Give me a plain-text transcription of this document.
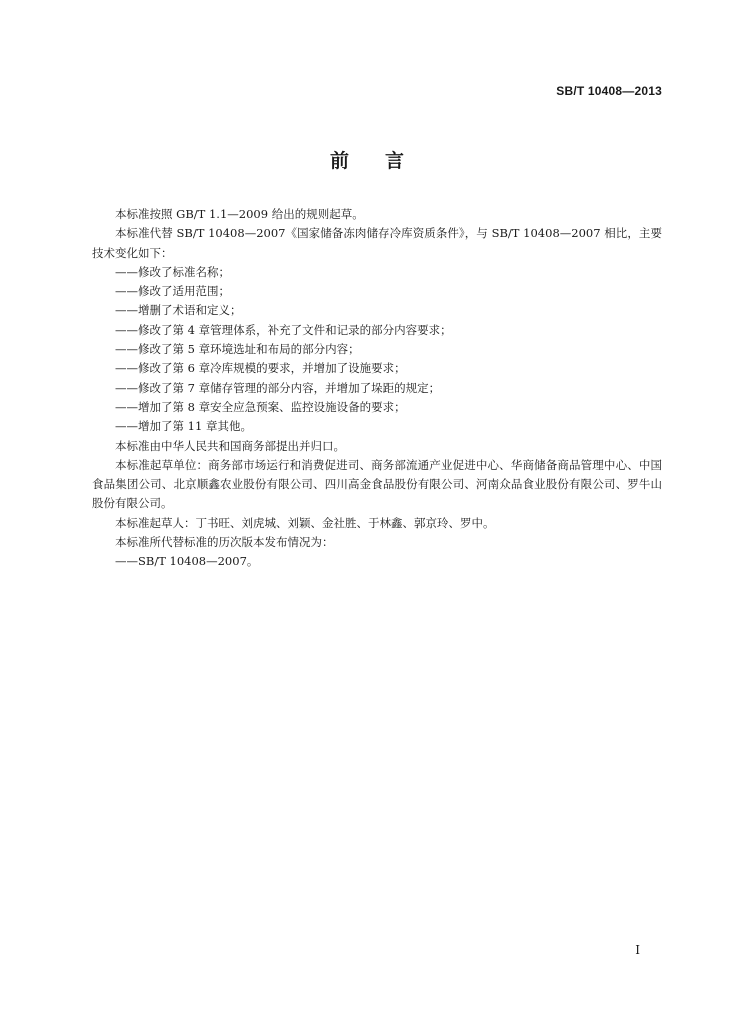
SB/T 10408—2013
前言

本标准按照 GB/T 1.1—2009 给出的规则起草。

本标准代替 SB/T 10408—2007《国家储备冻肉储存冷库资质条件》，与 SB/T 10408—2007 相比，主要技术变化如下：

——修改了标准名称；
——修改了适用范围；
——增删了术语和定义；
——修改了第 4 章管理体系，补充了文件和记录的部分内容要求；
——修改了第 5 章环境选址和布局的部分内容；
——修改了第 6 章冷库规模的要求，并增加了设施要求；
——修改了第 7 章储存管理的部分内容，并增加了垛距的规定；
——增加了第 8 章安全应急预案、监控设施设备的要求；
——增加了第 11 章其他。

本标准由中华人民共和国商务部提出并归口。

本标准起草单位：商务部市场运行和消费促进司、商务部流通产业促进中心、华商储备商品管理中心、中国食品集团公司、北京顺鑫农业股份有限公司、四川高金食品股份有限公司、河南众品食业股份有限公司、罗牛山股份有限公司。

本标准起草人：丁书旺、刘虎城、刘颖、金社胜、于林鑫、郭京玲、罗中。

本标准所代替标准的历次版本发布情况为：

——SB/T 10408—2007。
I
